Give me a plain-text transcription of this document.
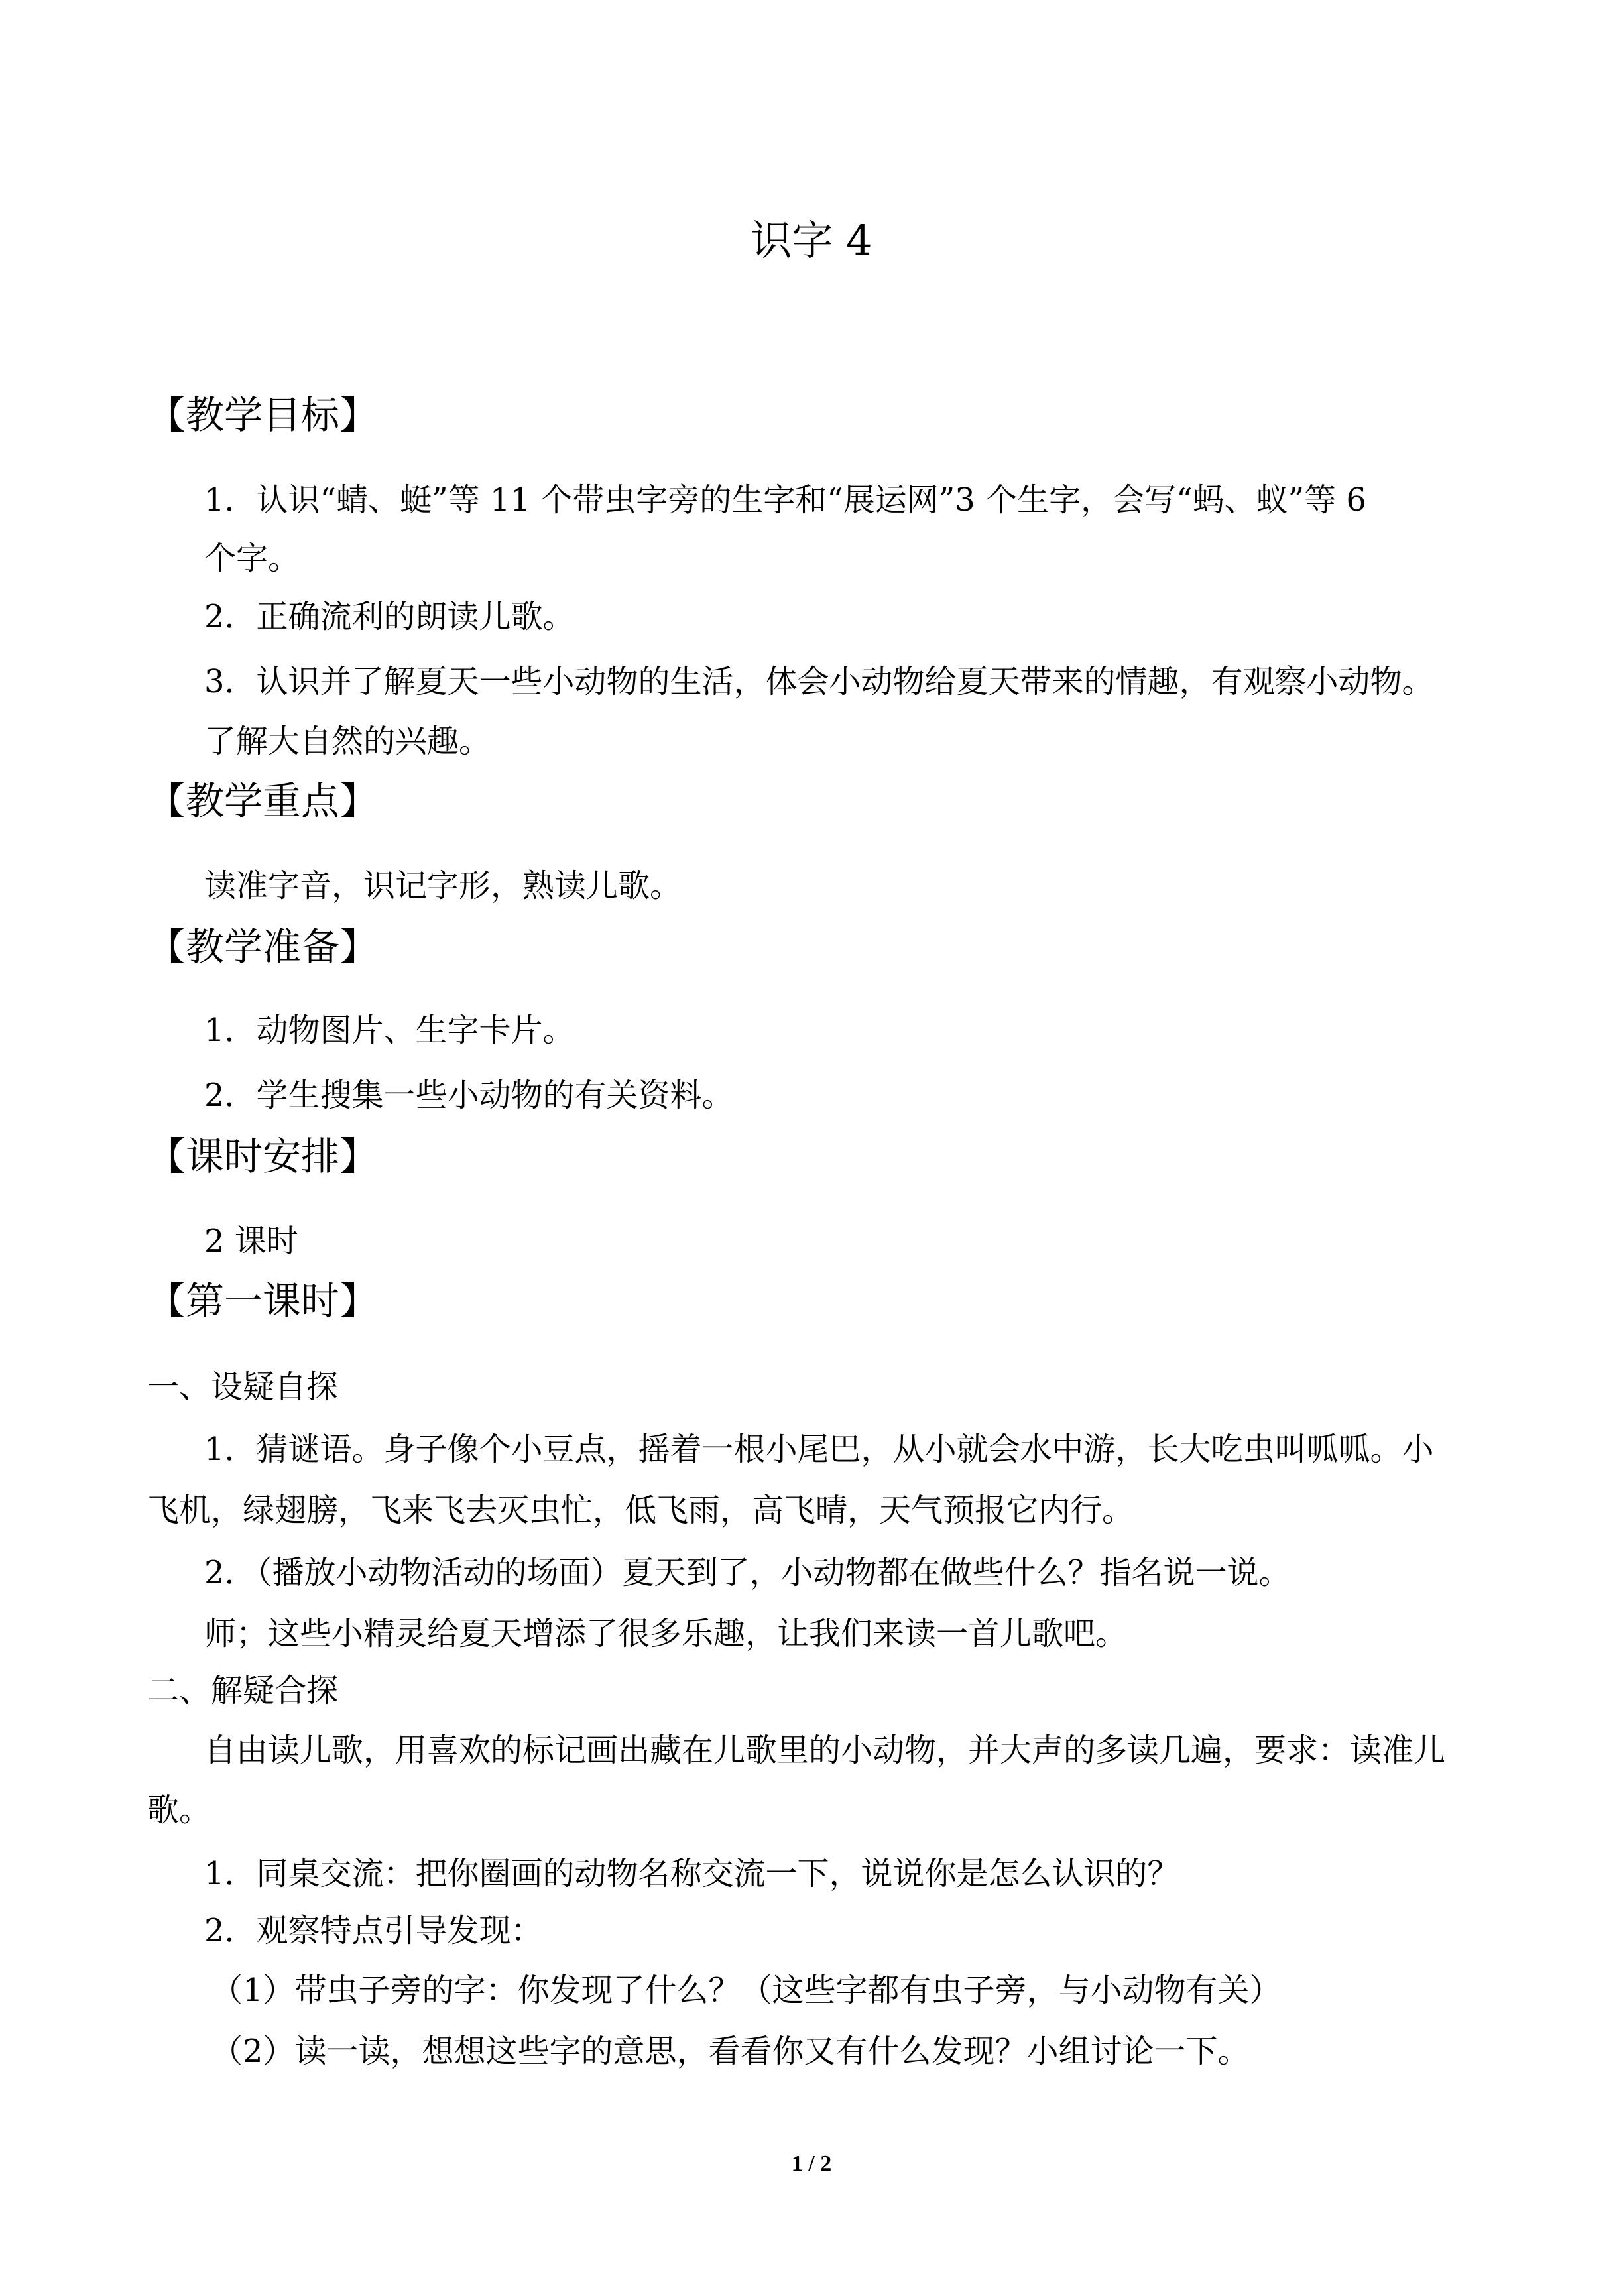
识字 4
【教学目标】
1．认识“蜻、蜓”等 11 个带虫字旁的生字和“展运网”3 个生字，会写“蚂、蚁”等 6
个字。
2．正确流利的朗读儿歌。
3．认识并了解夏天一些小动物的生活，体会小动物给夏天带来的情趣，有观察小动物。
了解大自然的兴趣。
【教学重点】
读准字音，识记字形，熟读儿歌。
【教学准备】
1．动物图片、生字卡片。
2．学生搜集一些小动物的有关资料。
【课时安排】
2 课时
【第一课时】
一、设疑自探
1．猜谜语。身子像个小豆点，摇着一根小尾巴，从小就会水中游，长大吃虫叫呱呱。小
飞机，绿翅膀，飞来飞去灭虫忙，低飞雨，高飞晴，天气预报它内行。
2．（播放小动物活动的场面）夏天到了，小动物都在做些什么？指名说一说。
师；这些小精灵给夏天增添了很多乐趣，让我们来读一首儿歌吧。
二、解疑合探
自由读儿歌，用喜欢的标记画出藏在儿歌里的小动物，并大声的多读几遍，要求：读准儿
歌。
1．同桌交流：把你圈画的动物名称交流一下，说说你是怎么认识的？
2．观察特点引导发现：
（1）带虫子旁的字：你发现了什么？（这些字都有虫子旁，与小动物有关）
（2）读一读，想想这些字的意思，看看你又有什么发现？小组讨论一下。
1 / 2
